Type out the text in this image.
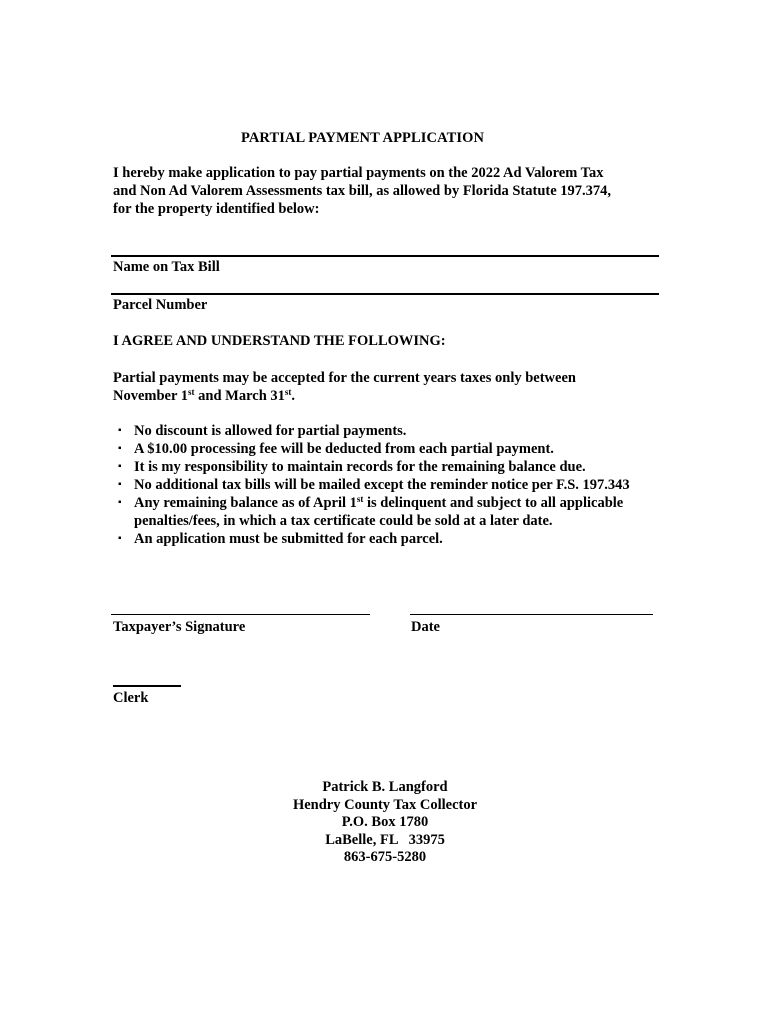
PARTIAL PAYMENT APPLICATION
I hereby make application to pay partial payments on the 2022 Ad Valorem Tax
and Non Ad Valorem Assessments tax bill, as allowed by Florida Statute 197.374,
for the property identified below:
Name on Tax Bill
Parcel Number
I AGREE AND UNDERSTAND THE FOLLOWING:
Partial payments may be accepted for the current years taxes only between
November 1st and March 31st.
▪ No discount is allowed for partial payments.
▪ A $10.00 processing fee will be deducted from each partial payment.
▪ It is my responsibility to maintain records for the remaining balance due.
▪ No additional tax bills will be mailed except the reminder notice per F.S. 197.343
▪ Any remaining balance as of April 1st is delinquent and subject to all applicable
penalties/fees, in which a tax certificate could be sold at a later date.
▪ An application must be submitted for each parcel.
Taxpayer’s Signature	Date
Clerk
Patrick B. Langford
Hendry County Tax Collector
P.O. Box 1780
LaBelle, FL   33975
863-675-5280
